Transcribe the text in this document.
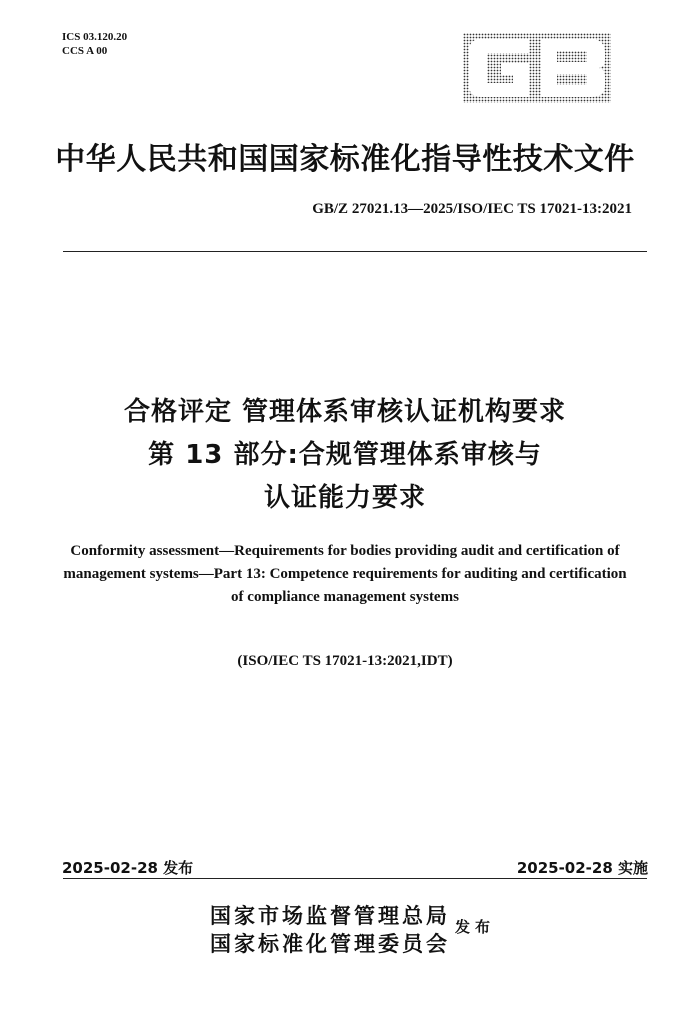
ICS 03.120.20
CCS A 00
中华人民共和国国家标准化指导性技术文件
GB/Z 27021.13—2025/ISO/IEC TS 17021-13:2021
合格评定 管理体系审核认证机构要求
第 13 部分:合规管理体系审核与
认证能力要求
Conformity assessment—Requirements for bodies providing audit and certification of management systems—Part 13: Competence requirements for auditing and certification of compliance management systems
(ISO/IEC TS 17021-13:2021,IDT)
2025-02-28 发布	2025-02-28 实施
国家市场监督管理总局
国家标准化管理委员会
发布
